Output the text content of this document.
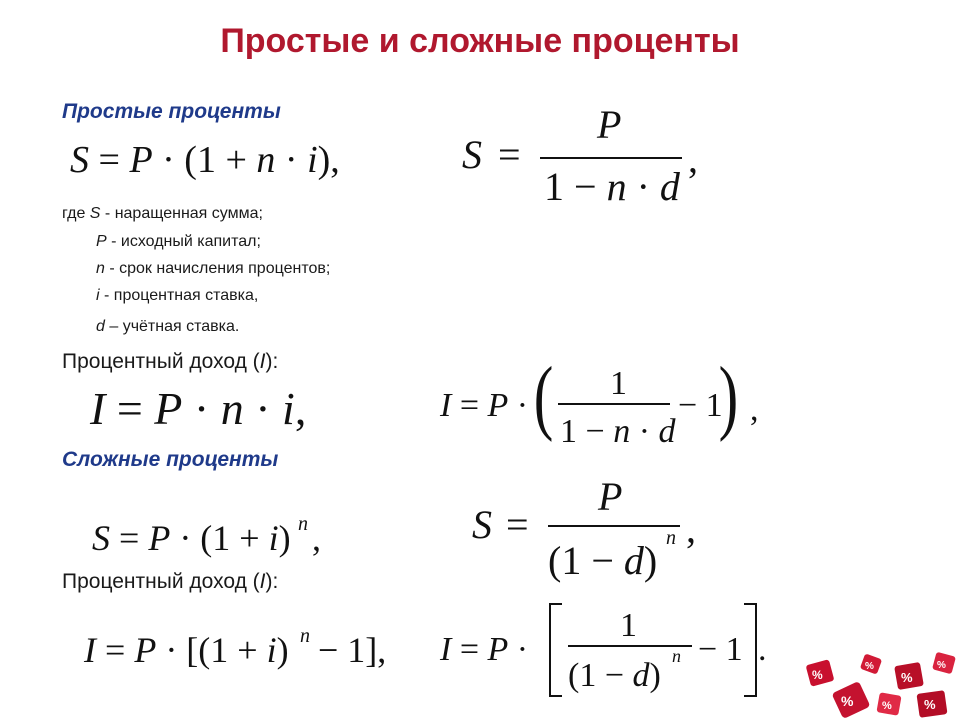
Простые и сложные проценты
Простые проценты
S = P · (1 + n · i),	S =
P
1 − n · d
,
где S - наращенная сумма;
P - исходный капитал;
n - срок начисления процентов;
i - процентная ставка,
d – учётная ставка.
Процентный доход (I):
I = P · n · i,	I = P · ( 1
1 − n · d
− 1
) ,
Сложные проценты
S = P · (1 + i) n ,	S =
P
(1 − d) n ,
Процентный доход (I):
I = P · [(1 + i) n − 1], I = P ·
1
(1 − d)
n − 1 .
%
%
%
%
%	% %
